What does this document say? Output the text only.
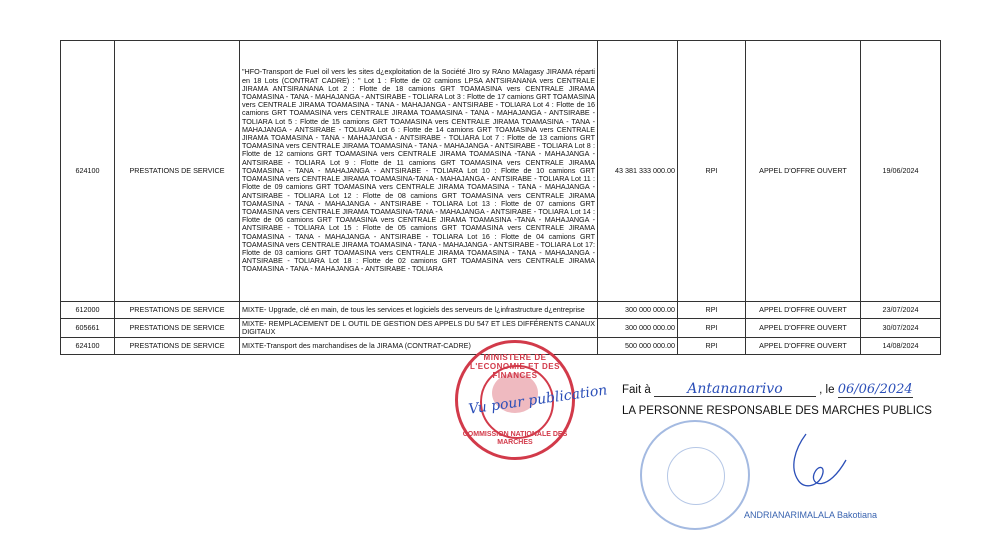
624100	PRESTATIONS DE SERVICE	"HFO-Transport de Fuel oil vers les sites d¿exploitation de la Société JIro sy RAno MAlagasy JIRAMA réparti en 18 Lots (CONTRAT CADRE) : " Lot 1 : Flotte de 02 camions LPSA ANTSIRANANA vers CENTRALE JIRAMA ANTSIRANANA Lot 2 : Flotte de 18 camions GRT TOAMASINA vers CENTRALE JIRAMA TOAMASINA - TANA - MAHAJANGA - ANTSIRABE - TOLIARA Lot 3 : Flotte de 17 camions GRT TOAMASINA vers CENTRALE JIRAMA TOAMASINA - TANA - MAHAJANGA - ANTSIRABE - TOLIARA Lot 4 : Flotte de 16 camions GRT TOAMASINA vers CENTRALE JIRAMA TOAMASINA - TANA - MAHAJANGA - ANTSIRABE - TOLIARA Lot 5 : Flotte de 15 camions GRT TOAMASINA vers CENTRALE JIRAMA TOAMASINA - TANA - MAHAJANGA - ANTSIRABE - TOLIARA Lot 6 : Flotte de 14 camions GRT TOAMASINA vers CENTRALE JIRAMA TOAMASINA - TANA - MAHAJANGA - ANTSIRABE - TOLIARA Lot 7 : Flotte de 13 camions GRT TOAMASINA vers CENTRALE JIRAMA TOAMASINA - TANA - MAHAJANGA - ANTSIRABE - TOLIARA Lot 8 : Flotte de 12 camions GRT TOAMASINA vers CENTRALE JIRAMA TOAMASINA -TANA - MAHAJANGA - ANTSIRABE - TOLIARA Lot 9 : Flotte de 11 camions GRT TOAMASINA vers CENTRALE JIRAMA TOAMASINA - TANA - MAHAJANGA - ANTSIRABE - TOLIARA Lot 10 : Flotte de 10 camions GRT TOAMASINA vers CENTRALE JIRAMA TOAMASINA-TANA - MAHAJANGA - ANTSIRABE - TOLIARA Lot 11 : Flotte de 09 camions GRT TOAMASINA vers CENTRALE JIRAMA TOAMASINA - TANA - MAHAJANGA - ANTSIRABE - TOLIARA Lot 12 : Flotte de 08 camions GRT TOAMASINA vers CENTRALE JIRAMA TOAMASINA - TANA - MAHAJANGA - ANTSIRABE - TOLIARA Lot 13 : Flotte de 07 camions GRT TOAMASINA vers CENTRALE JIRAMA TOAMASINA-TANA - MAHAJANGA - ANTSIRABE - TOLIARA Lot 14 : Flotte de 06 camions GRT TOAMASINA vers CENTRALE JIRAMA TOAMASINA -TANA - MAHAJANGA - ANTSIRABE - TOLIARA Lot 15 : Flotte de 05 camions GRT TOAMASINA vers CENTRALE JIRAMA TOAMASINA - TANA - MAHAJANGA - ANTSIRABE - TOLIARA Lot 16 : Flotte de 04 camions GRT TOAMASINA vers CENTRALE JIRAMA TOAMASINA - TANA - MAHAJANGA - ANTSIRABE - TOLIARA Lot 17: Flotte de 03 camions GRT TOAMASINA vers CENTRALE JIRAMA TOAMASINA - TANA - MAHAJANGA - ANTSIRABE - TOLIARA Lot 18 : Flotte de 02 camions GRT TOAMASINA vers CENTRALE JIRAMA TOAMASINA - TANA - MAHAJANGA - ANTSIRABE - TOLIARA	43 381 333 000.00	RPI	APPEL D'OFFRE OUVERT	19/06/2024
612000	PRESTATIONS DE SERVICE	MIXTE- Upgrade, clé en main, de tous les services et logiciels des serveurs de l¿infrastructure d¿entreprise	300 000 000.00	RPI	APPEL D'OFFRE OUVERT	23/07/2024
605661	PRESTATIONS DE SERVICE	MIXTE- REMPLACEMENT DE L OUTIL DE GESTION DES APPELS DU 547 ET LES DIFFÉRENTS CANAUX DIGITAUX	300 000 000.00	RPI	APPEL D'OFFRE OUVERT	30/07/2024
624100	PRESTATIONS DE SERVICE	MIXTE-Transport des marchandises de la JIRAMA (CONTRAT-CADRE)	500 000 000.00	RPI	APPEL D'OFFRE OUVERT	14/08/2024
MINISTERE DE L'ECONOMIE ET DES FINANCES
COMMISSION NATIONALE DES MARCHES
Vu pour publication Fait à	Antananarivo	, le 06/06/2024
LA PERSONNE RESPONSABLE DES MARCHES PUBLICS
ANDRIANARIMALALA Bakotiana
